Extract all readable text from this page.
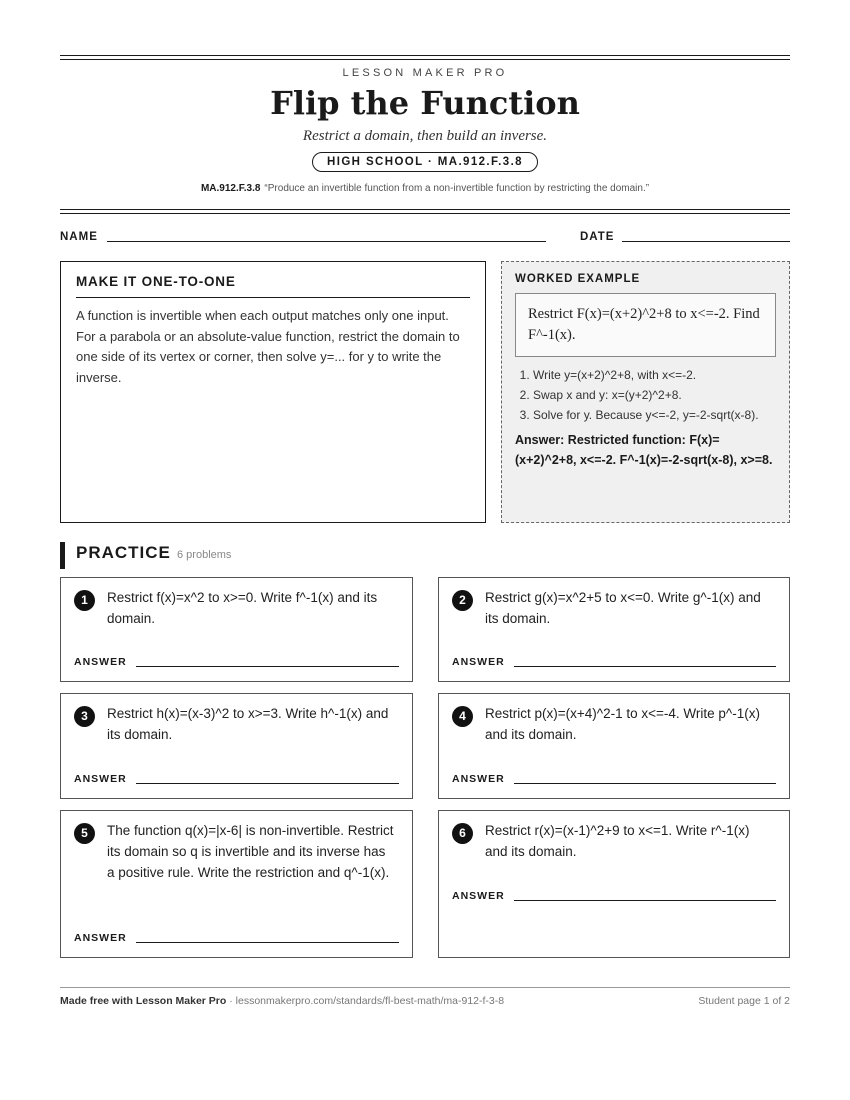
LESSON MAKER PRO
Flip the Function
Restrict a domain, then build an inverse.
HIGH SCHOOL · MA.912.F.3.8
MA.912.F.3.8 “Produce an invertible function from a non-invertible function by restricting the domain.”
NAME	DATE
MAKE IT ONE-TO-ONE

A function is invertible when each output matches only one input. For a parabola or an absolute-value function, restrict the domain to one side of its vertex or corner, then solve y=... for y to write the inverse.

WORKED EXAMPLE
Restrict F(x)=(x+2)^2+8 to x<=-2. Find F^-1(x).
1. Write y=(x+2)^2+8, with x<=-2.
2. Swap x and y: x=(y+2)^2+8.
3. Solve for y. Because y<=-2, y=-2-sqrt(x-8).
Answer: Restricted function: F(x)=(x+2)^2+8, x<=-2. F^-1(x)=-2-sqrt(x-8), x>=8.
PRACTICE 6 problems
1	Restrict f(x)=x^2 to x>=0. Write f^-1(x) and its domain.
ANSWER
2	Restrict g(x)=x^2+5 to x<=0. Write g^-1(x) and its domain.
ANSWER
3	Restrict h(x)=(x-3)^2 to x>=3. Write h^-1(x) and its domain.
ANSWER
4	Restrict p(x)=(x+4)^2-1 to x<=-4. Write p^-1(x) and its domain.
ANSWER
5	The function q(x)=|x-6| is non-invertible. Restrict its domain so q is invertible and its inverse has a positive rule. Write the restriction and q^-1(x).
ANSWER
6	Restrict r(x)=(x-1)^2+9 to x<=1. Write r^-1(x) and its domain.
ANSWER
Made free with Lesson Maker Pro · lessonmakerpro.com/standards/fl-best-math/ma-912-f-3-8	Student page 1 of 2
